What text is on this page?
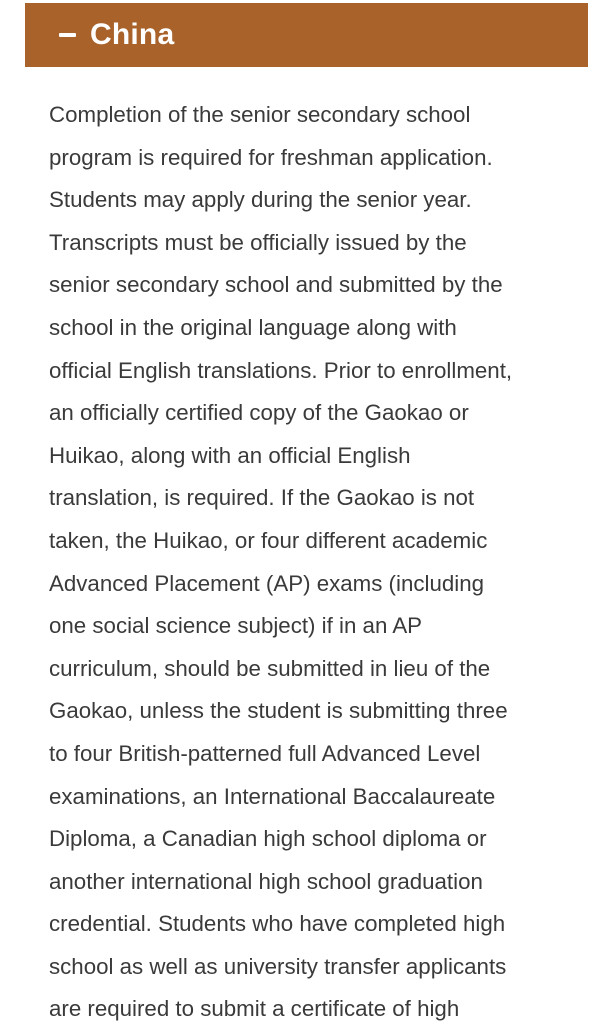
China

Completion of the senior secondary school
program is required for freshman application.
Students may apply during the senior year.
Transcripts must be officially issued by the
senior secondary school and submitted by the
school in the original language along with
official English translations. Prior to enrollment,
an officially certified copy of the Gaokao or
Huikao, along with an official English
translation, is required. If the Gaokao is not
taken, the Huikao, or four different academic
Advanced Placement (AP) exams (including
one social science subject) if in an AP
curriculum, should be submitted in lieu of the
Gaokao, unless the student is submitting three
to four British-patterned full Advanced Level
examinations, an International Baccalaureate
Diploma, a Canadian high school diploma or
another international high school graduation
credential. Students who have completed high
school as well as university transfer applicants
are required to submit a certificate of high
